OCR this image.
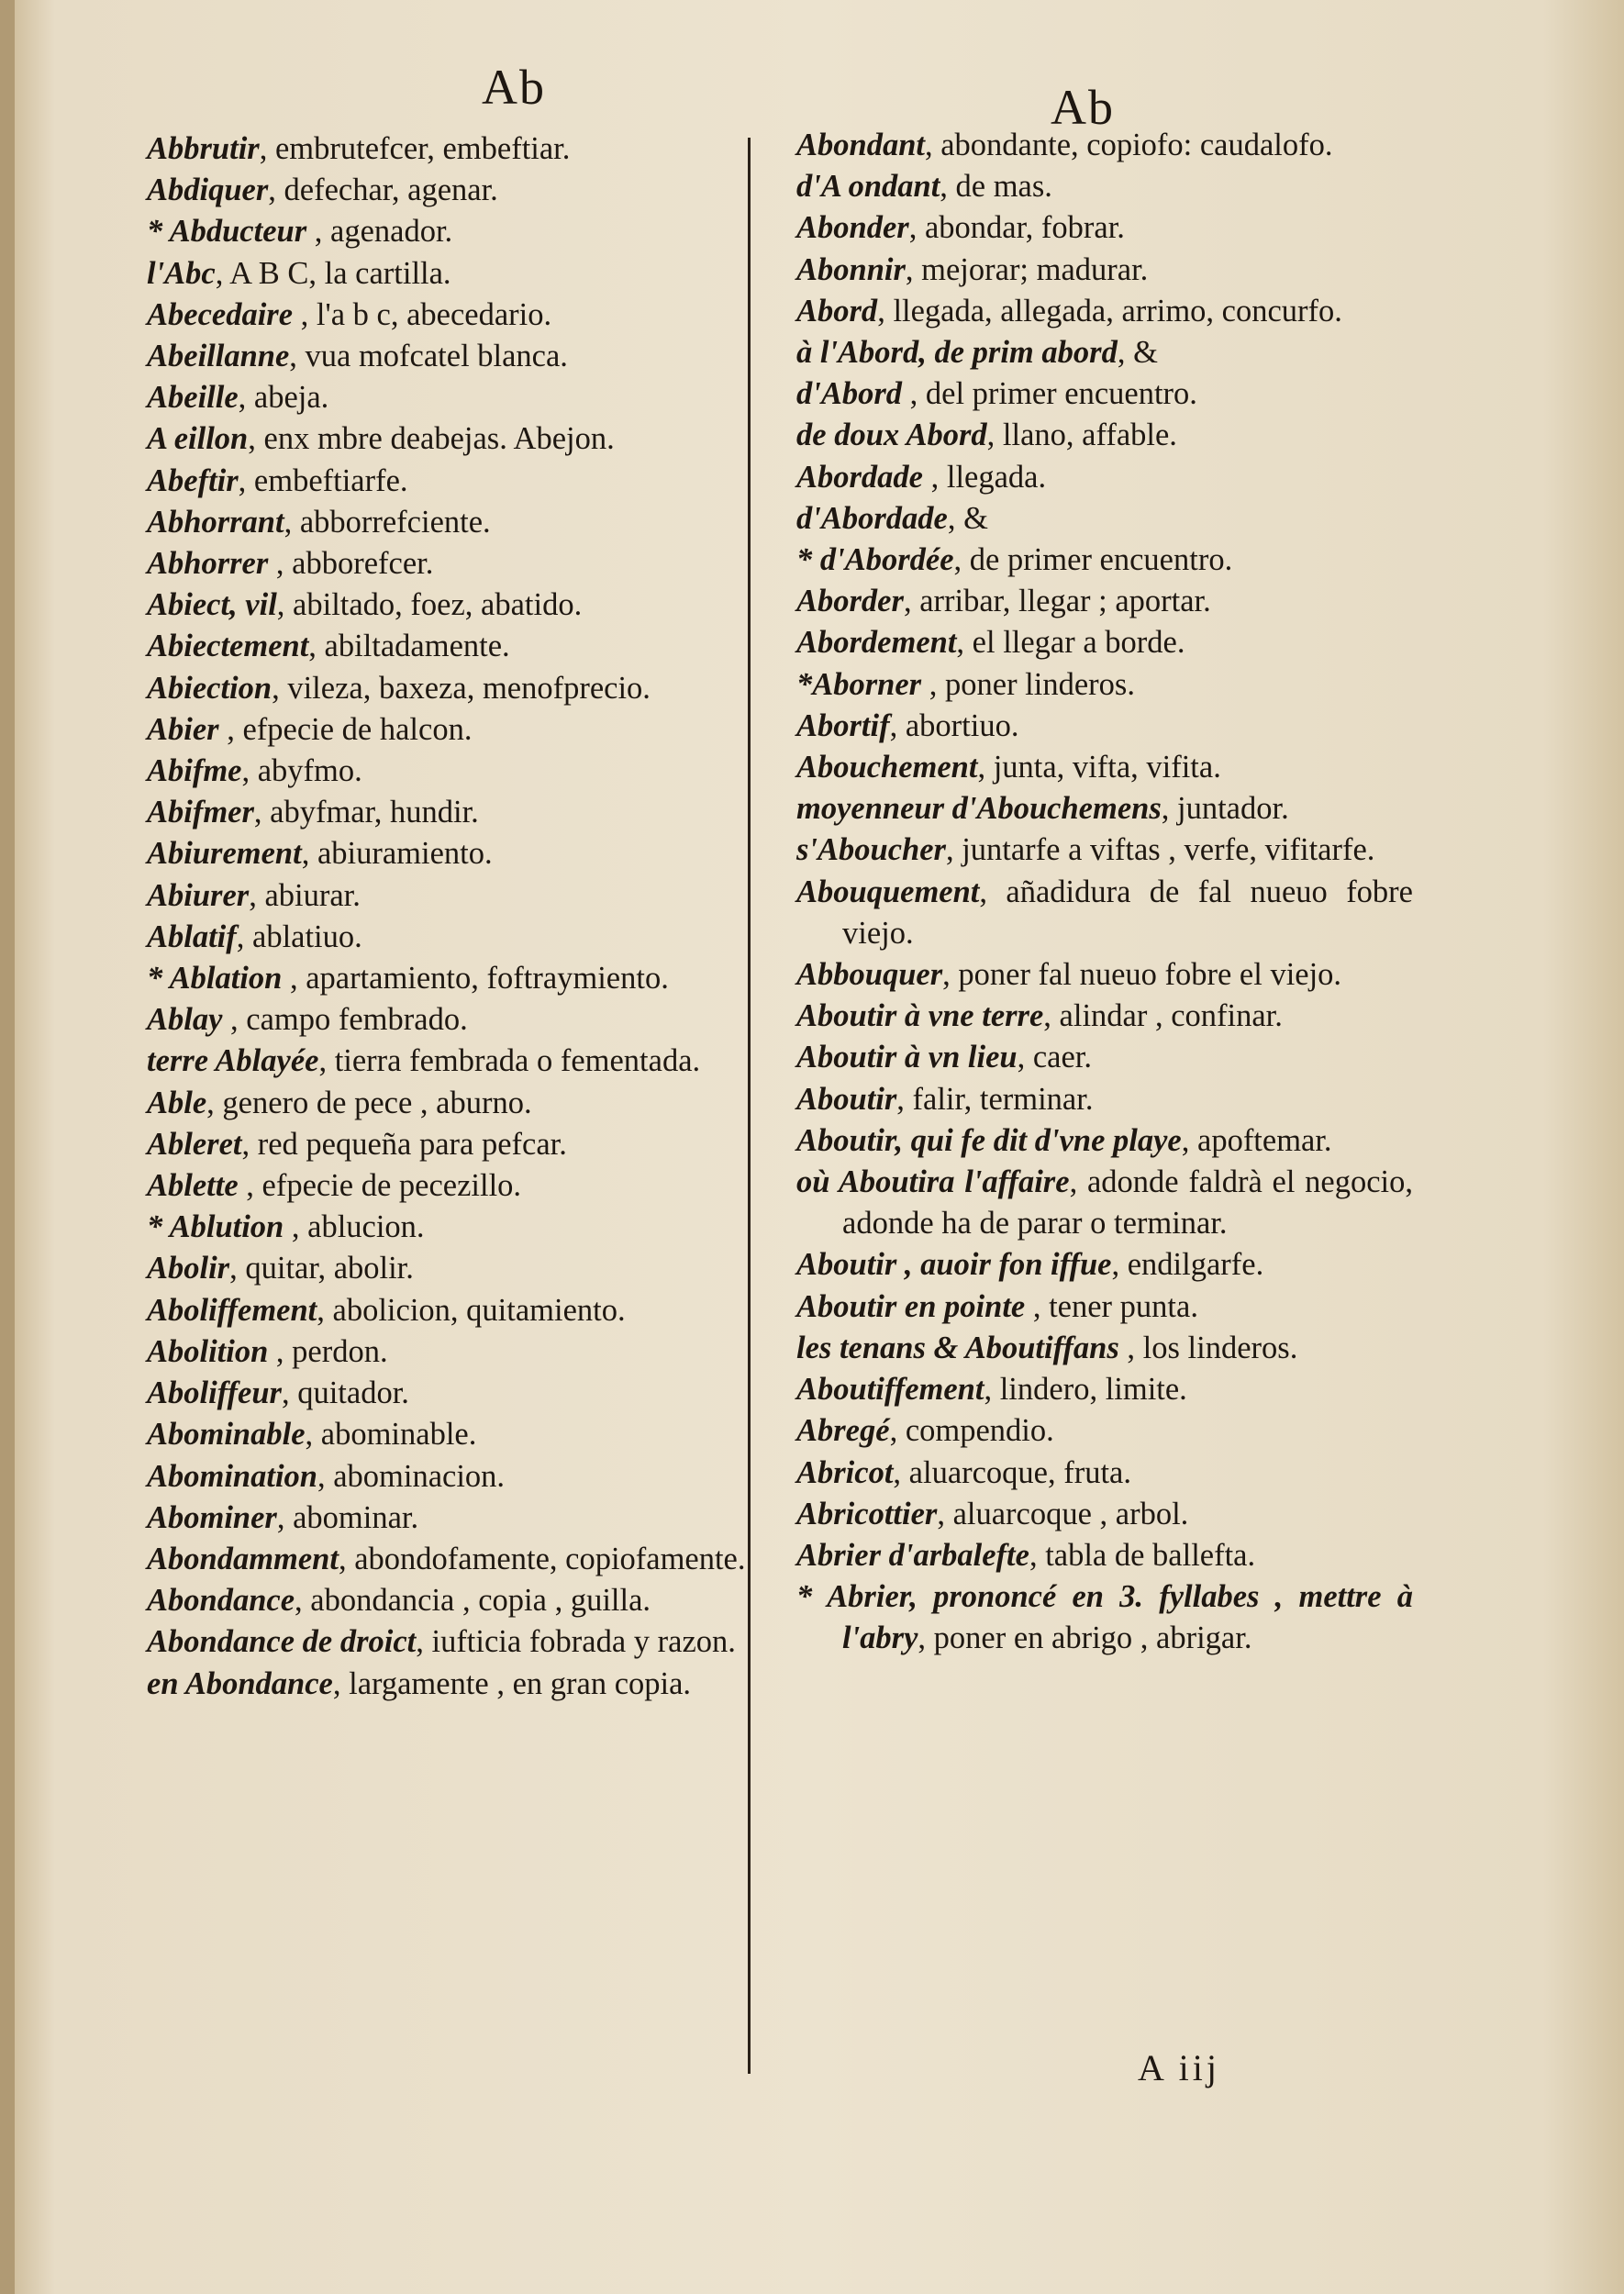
Ab	Ab

Abbrutir, embrutefcer, embeftiar.

Abdiquer, defechar, agenar.

* Abducteur , agenador.

l'Abc, A B C, la cartilla.

Abecedaire , l'a b c, abecedario.

Abeillanne, vua mofcatel blanca.

Abeille, abeja.

A eillon, enx mbre deabejas. Abejon.

Abeftir, embeftiarfe.

Abhorrant, abborrefciente.

Abhorrer , abborefcer.

Abiect, vil, abiltado, foez, abatido.

Abiectement, abiltadamente.

Abiection, vileza, baxeza, menofprecio.

Abier , efpecie de halcon.

Abifme, abyfmo.

Abifmer, abyfmar, hundir.

Abiurement, abiuramiento.

Abiurer, abiurar.

Ablatif, ablatiuo.

* Ablation , apartamiento, foftraymiento.

Ablay , campo fembrado.

terre Ablayée, tierra fembrada o fementada.

Able, genero de pece , aburno.

Ableret, red pequeña para pefcar.

Ablette , efpecie de pecezillo.

* Ablution , ablucion.

Abolir, quitar, abolir.

Aboliffement, abolicion, quitamiento.

Abolition , perdon.

Aboliffeur, quitador.

Abominable, abominable.

Abomination, abominacion.

Abominer, abominar.

Abondamment, abondofamente, copiofamente.

Abondance, abondancia , copia , guilla.

Abondance de droict, iufticia fobrada y razon.

en Abondance, largamente , en gran copia.

Abondant, abondante, copiofo: caudalofo.

d'A ondant, de mas.

Abonder, abondar, fobrar.

Abonnir, mejorar; madurar.

Abord, llegada, allegada, arrimo, concurfo.

à l'Abord, de prim abord, &

d'Abord , del primer encuentro.

de doux Abord, llano, affable.

Abordade , llegada.

d'Abordade, &

* d'Abordée, de primer encuentro.

Aborder, arribar, llegar ; aportar.

Abordement, el llegar a borde.

*Aborner , poner linderos.

Abortif, abortiuo.

Abouchement, junta, vifta, vifita.

moyenneur d'Abouchemens, juntador.

s'Aboucher, juntarfe a viftas , verfe, vifitarfe.

Abouquement, añadidura de fal nueuo fobre viejo.

Abbouquer, poner fal nueuo fobre el viejo.

Aboutir à vne terre, alindar , confinar.

Aboutir à vn lieu, caer.

Aboutir, falir, terminar.

Aboutir, qui fe dit d'vne playe, apoftemar.

où Aboutira l'affaire, adonde faldrà el negocio, adonde ha de parar o terminar.

Aboutir , auoir fon iffue, endilgarfe.

Aboutir en pointe , tener punta.

les tenans & Aboutiffans , los linderos.

Aboutiffement, lindero, limite.

Abregé, compendio.

Abricot, aluarcoque, fruta.

Abricottier, aluarcoque , arbol.

Abrier d'arbalefte, tabla de ballefta.

* Abrier, prononcé en 3. fyllabes , mettre à l'abry, poner en abrigo , abrigar.

A iij
